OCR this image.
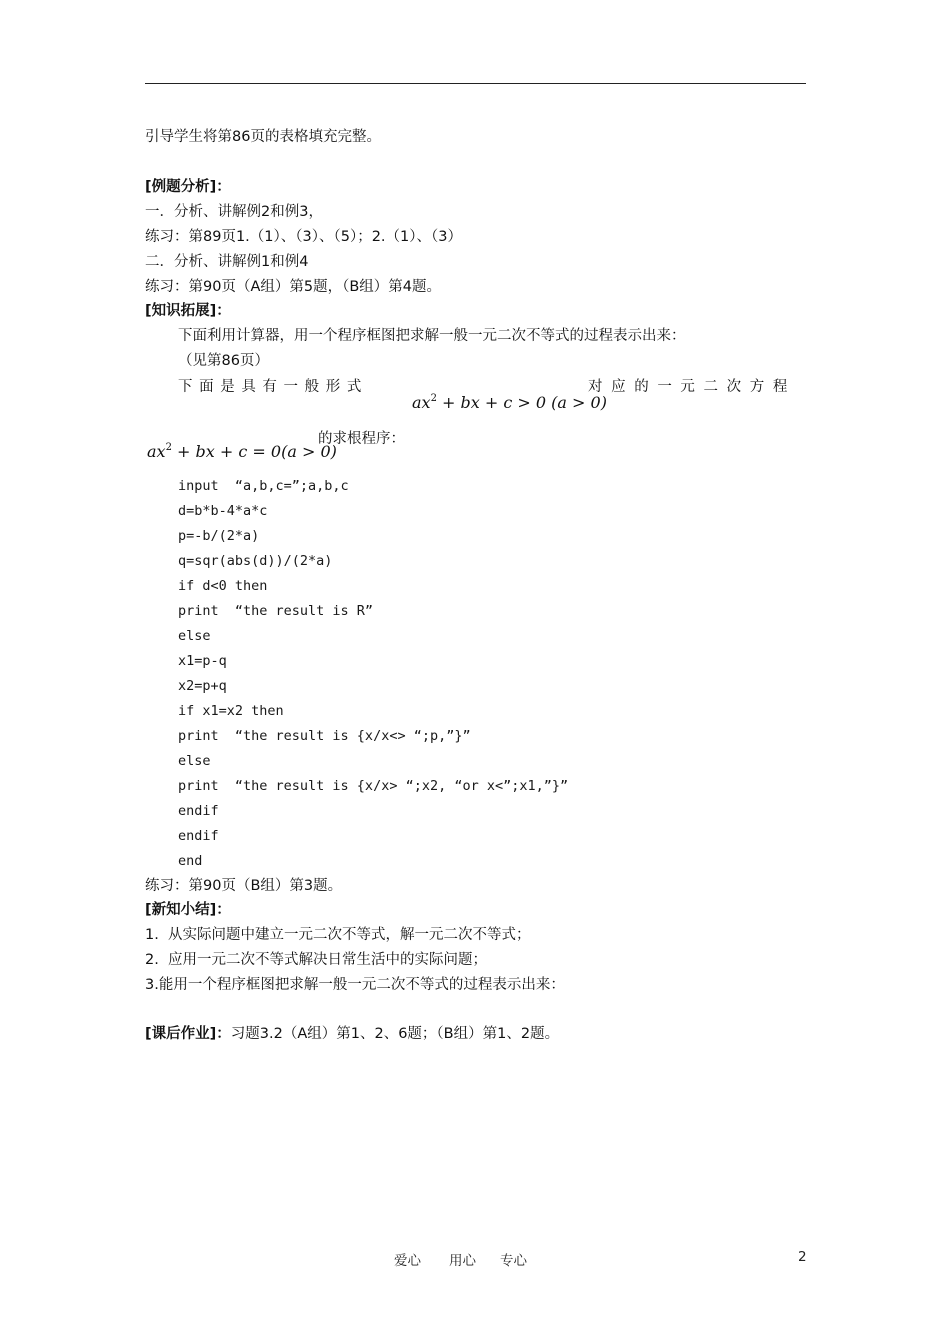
引导学生将第86页的表格填充完整。
[例题分析]：
一．分析、讲解例2和例3，
练习：第89页1.（1）、（3）、（5）；2.（1）、（3）
二．分析、讲解例1和例4
练习：第90页（A组）第5题，（B组）第4题。
[知识拓展]：
下面利用计算器，用一个程序框图把求解一般一元二次不等式的过程表示出来：
（见第86页）
下 面 是 具 有 一 般 形 式
$ax^2$ + bx + c > 0 (a > 0)
对 应 的 一 元 二 次 方 程
$ax^2$ + bx + c = 0(a > 0)
的求根程序：
input  “a,b,c=”;a,b,c
d=b*b-4*a*c
p=-b/(2*a)
q=sqr(abs(d))/(2*a)
if d<0 then
print  “the result is R”
else
x1=p-q
x2=p+q
if x1=x2 then
print  “the result is {x/x<> “;p,”}”
else
print  “the result is {x/x> “;x2, “or x<”;x1,”}”
endif
endif
end
练习：第90页（B组）第3题。
[新知小结]：
1.  从实际问题中建立一元二次不等式，解一元二次不等式；
2.  应用一元二次不等式解决日常生活中的实际问题；
3.能用一个程序框图把求解一般一元二次不等式的过程表示出来：
[课后作业]：习题3.2（A组）第1、2、6题；（B组）第1、2题。
爱心 用心 专心	2
